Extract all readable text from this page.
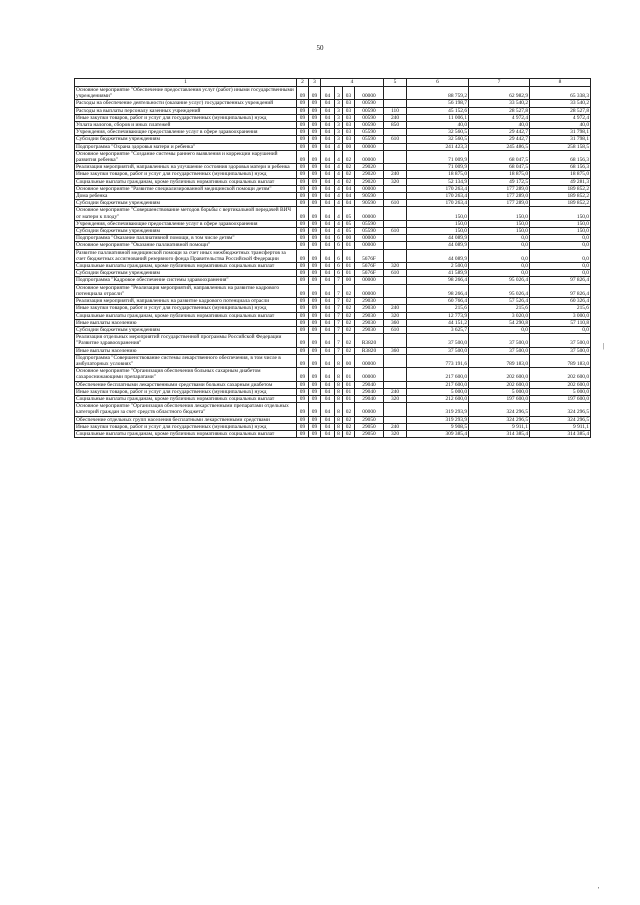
50
|
'
1	2	3	4				5	6	7	8
Основное мероприятие "Обеспечение предоставления услуг (работ) иными государственными учреждениями"	09	09	04	3	03	00000		88 759,2	62 982,9	65 338,3
Расходы на обеспечение деятельности (оказание услуг) государственных учреждений	09	09	04	3	03	00590		56 198,7	33 540,2	33 540,2
Расходы на выплаты персоналу казенных учреждений	09	09	04	3	03	00590	110	45 152,6	28 527,8	28 527,8
Иные закупки товаров, работ и услуг для государственных (муниципальных) нужд	09	09	04	3	03	00590	240	11 006,1	4 972,4	4 972,4
Уплата налогов, сборов и иных платежей	09	09	04	3	03	00590	850	40,0	40,0	40,0
Учреждения, обеспечивающие предоставление услуг в сфере здравоохранения	09	09	04	3	03	05590		32 560,5	29 442,7	31 798,1
Субсидии бюджетным учреждениям	09	09	04	3	03	05590	610	32 560,5	29 442,7	31 798,1
Подпрограмма "Охрана здоровья матери и ребенка"	09	09	04	4	00	00000		241 423,3	245 486,5	258 158,5
Основное мероприятие "Создание системы раннего выявления и коррекции нарушений развития ребенка"	09	09	04	4	02	00000		71 009,9	68 047,5	68 156,3
Реализация мероприятий, направленных на улучшение состояния здоровья матери и ребенка	09	09	04	4	02	29020		71 009,9	68 047,5	68 156,3
Иные закупки товаров, работ и услуг для государственных (муниципальных) нужд	09	09	04	4	02	29020	240	18 875,0	18 875,0	18 875,0
Социальные выплаты гражданам, кроме публичных нормативных социальных выплат	09	09	04	4	02	29020	320	52 134,9	49 172,5	49 281,3
Основное мероприятие "Развитие специализированной медицинской помощи детям"	09	09	04	4	04	00000		170 263,4	177 289,0	189 852,2
Дома ребенка	09	09	04	4	04	90590		170 263,4	177 289,0	189 852,2
Субсидии бюджетным учреждениям	09	09	04	4	04	90590	610	170 263,4	177 289,0	189 852,2
Основное мероприятие "Совершенствование методов борьбы с вертикальной передачей ВИЧ от матери к плоду"	09	09	04	4	05	00000		150,0	150,0	150,0
Учреждения, обеспечивающие предоставление услуг в сфере здравоохранения	09	09	04	4	05	05590		150,0	150,0	150,0
Субсидии бюджетным учреждениям	09	09	04	4	05	05590	610	150,0	150,0	150,0
Подпрограмма "Оказание паллиативной помощи, в том числе детям"	09	09	04	6	00	00000		44 089,9	0,0	0,0
Основное мероприятие "Оказание паллиативной помощи"	09	09	04	6	01	00000		44 089,9	0,0	0,0
Развитие паллиативной медицинской помощи за счет иных межбюджетных трансфертов за счет бюджетных ассигнований резервного фонда Правительства Российской Федерации	09	09	04	6	01	5676F		44 089,9	0,0	0,0
Социальные выплаты гражданам, кроме публичных нормативных социальных выплат	09	09	04	6	01	5676F	320	2 500,0	0,0	0,0
Субсидии бюджетным учреждениям	09	09	04	6	01	5676F	610	41 589,9	0,0	0,0
Подпрограмма "Кадровое обеспечение системы здравоохранения"	09	09	04	7	00	00000		98 266,4	95 026,4	97 826,4
Основное мероприятие "Реализация мероприятий, направленных на развитие кадрового потенциала отрасли"	09	09	04	7	02	00000		98 266,4	95 026,4	97 826,4
Реализация мероприятий, направленных на развитие кадрового потенциала отрасли	09	09	04	7	02	29030		60 766,4	57 526,4	60 326,4
Иные закупки товаров, работ и услуг для государственных (муниципальных) нужд	09	09	04	7	02	29030	240	215,6	215,6	215,6
Социальные выплаты гражданам, кроме публичных нормативных социальных выплат	09	09	04	7	02	29030	320	12 773,9	3 020,0	3 000,0
Иные выплаты населению	09	09	04	7	02	29030	360	44 151,2	54 290,8	57 110,8
Субсидии бюджетным учреждениям	09	09	04	7	02	29030	610	3 625,7	0,0	0,0
Реализация отдельных мероприятий государственной программы Российской Федерации "Развитие здравоохранения"	09	09	04	7	02	R3820		37 500,0	37 500,0	37 500,0
Иные выплаты населению	09	09	04	7	02	R3820	360	37 500,0	37 500,0	37 500,0
Подпрограмма "Совершенствование системы лекарственного обеспечения, в том числе в амбулаторных условиях"	09	09	04	8	00	00000		773 191,6	789 183,0	789 183,0
Основное мероприятие "Организация обеспечения больных сахарным диабетом сахароснижающими препаратами"	09	09	04	8	01	00000		217 600,0	202 600,0	202 600,0
Обеспечение бесплатными лекарственными средствами больных сахарным диабетом	09	09	04	8	01	29040		217 600,0	202 600,0	202 600,0
Иные закупки товаров, работ и услуг для государственных (муниципальных) нужд	09	09	04	8	01	29040	240	5 000,0	5 000,0	5 000,0
Социальные выплаты гражданам, кроме публичных нормативных социальных выплат	09	09	04	8	01	29040	320	212 600,0	197 600,0	197 600,0
Основное мероприятие "Организация обеспечения лекарственными препаратами отдельных категорий граждан за счет средств областного бюджета"	09	09	04	8	02	00000		319 293,9	324 296,5	324 296,5
Обеспечение отдельных групп населения бесплатными лекарственными средствами	09	09	04	8	02	29050		319 293,9	324 296,5	324 296,5
Иные закупки товаров, работ и услуг для государственных (муниципальных) нужд	09	09	04	8	02	29050	240	9 908,5	9 911,1	9 911,1
Социальные выплаты гражданам, кроме публичных нормативных социальных выплат	09	09	04	8	02	29050	320	309 385,4	314 385,4	314 385,4
